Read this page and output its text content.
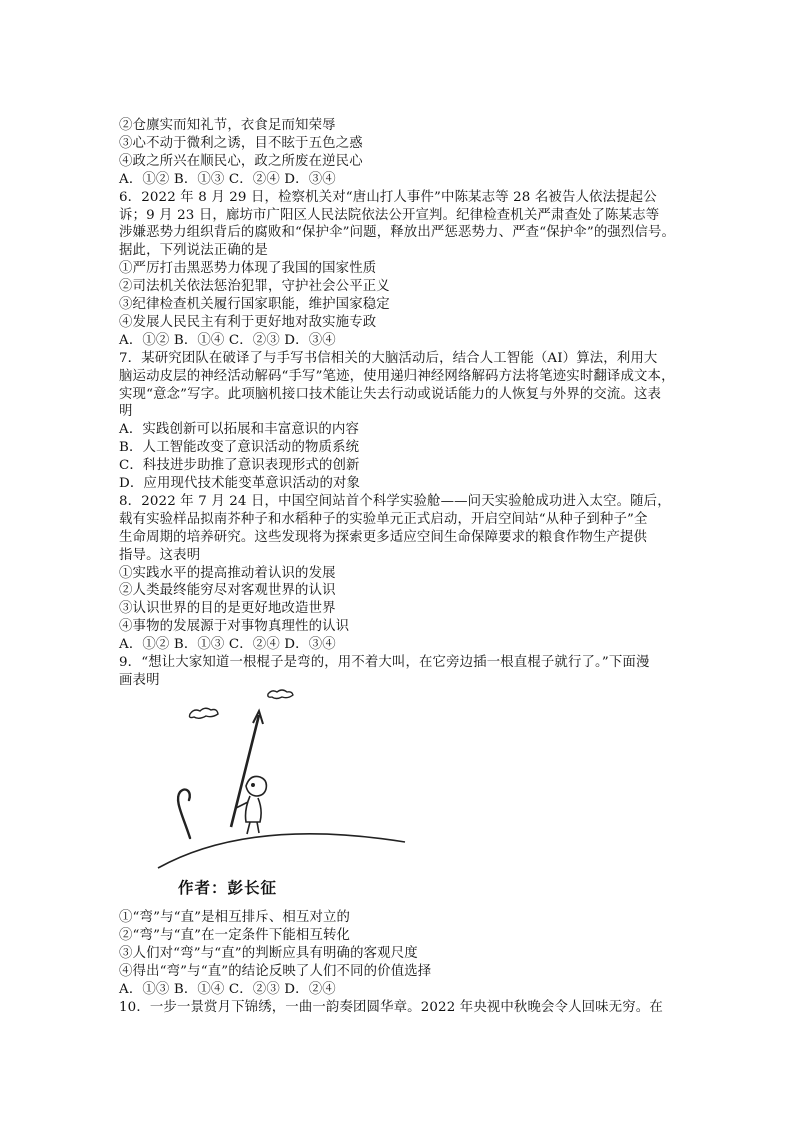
②仓廪实而知礼节，衣食足而知荣辱
③心不动于微利之诱，目不眩于五色之惑
④政之所兴在顺民心，政之所废在逆民心
A．①② B．①③ C．②④ D．③④
6．2022 年 8 月 29 日，检察机关对“唐山打人事件”中陈某志等 28 名被告人依法提起公
诉；9 月 23 日，廊坊市广阳区人民法院依法公开宣判。纪律检查机关严肃查处了陈某志等
涉嫌恶势力组织背后的腐败和“保护伞”问题，释放出严惩恶势力、严查“保护伞”的强烈信号。
据此，下列说法正确的是
①严厉打击黑恶势力体现了我国的国家性质
②司法机关依法惩治犯罪，守护社会公平正义
③纪律检查机关履行国家职能，维护国家稳定
④发展人民民主有利于更好地对敌实施专政
A．①② B．①④ C．②③ D．③④
7．某研究团队在破译了与手写书信相关的大脑活动后，结合人工智能（AI）算法，利用大
脑运动皮层的神经活动解码“手写”笔迹，使用递归神经网络解码方法将笔迹实时翻译成文本，
实现“意念”写字。此项脑机接口技术能让失去行动或说话能力的人恢复与外界的交流。这表
明
A．实践创新可以拓展和丰富意识的内容
B．人工智能改变了意识活动的物质系统
C．科技进步助推了意识表现形式的创新
D．应用现代技术能变革意识活动的对象
8．2022 年 7 月 24 日，中国空间站首个科学实验舱——问天实验舱成功进入太空。随后，
载有实验样品拟南芥种子和水稻种子的实验单元正式启动，开启空间站“从种子到种子”全
生命周期的培养研究。这些发现将为探索更多适应空间生命保障要求的粮食作物生产提供
指导。这表明
①实践水平的提高推动着认识的发展
②人类最终能穷尽对客观世界的认识
③认识世界的目的是更好地改造世界
④事物的发展源于对事物真理性的认识
A．①② B．①③ C．②④ D．③④
9．“想让大家知道一根棍子是弯的，用不着大叫，在它旁边插一根直棍子就行了。”下面漫
画表明
作者：彭长征
①“弯”与“直”是相互排斥、相互对立的
②“弯”与“直”在一定条件下能相互转化
③人们对“弯”与“直”的判断应具有明确的客观尺度
④得出“弯”与“直”的结论反映了人们不同的价值选择
A．①③ B．①④ C．②③ D．②④
10．一步一景赏月下锦绣，一曲一韵奏团圆华章。2022 年央视中秋晚会令人回味无穷。在
